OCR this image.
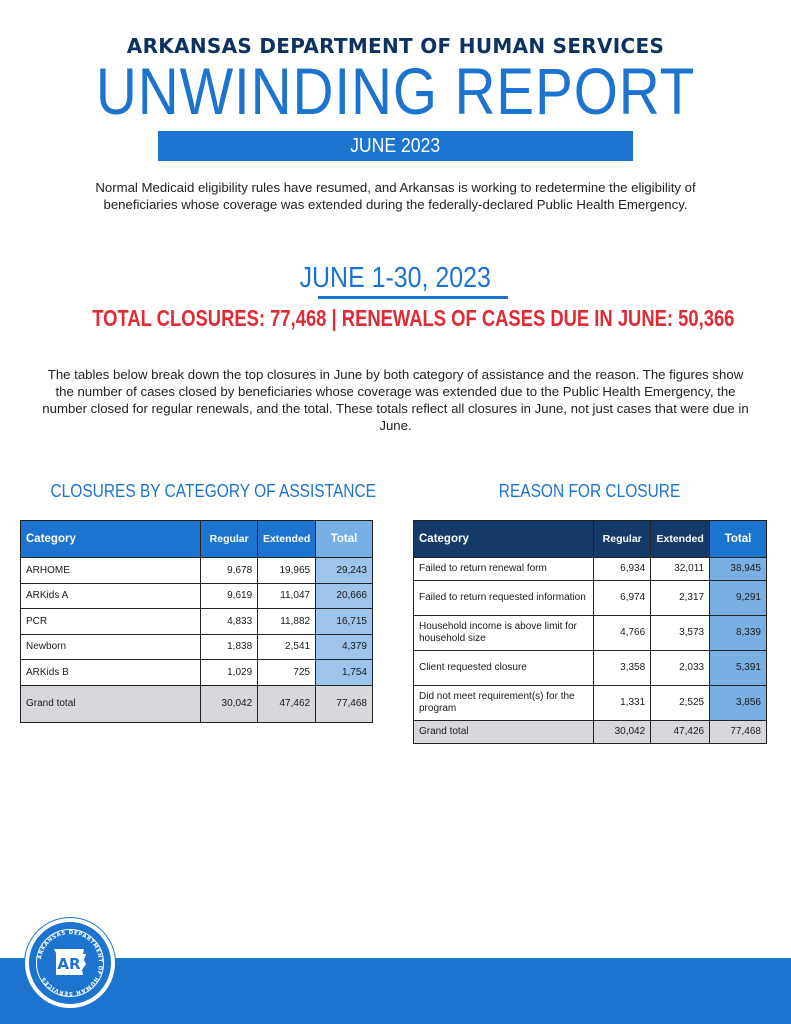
ARKANSAS DEPARTMENT OF HUMAN SERVICES
UNWINDING REPORT
JUNE 2023

Normal Medicaid eligibility rules have resumed, and Arkansas is working to redetermine the eligibility of beneficiaries whose coverage was extended during the federally-declared Public Health Emergency.

JUNE 1-30, 2023
TOTAL CLOSURES: 77,468 | RENEWALS OF CASES DUE IN JUNE: 50,366

The tables below break down the top closures in June by both category of assistance and the reason. The figures show the number of cases closed by beneficiaries whose coverage was extended due to the Public Health Emergency, the number closed for regular renewals, and the total. These totals reflect all closures in June, not just cases that were due in June.

CLOSURES BY CATEGORY OF ASSISTANCE	REASON FOR CLOSURE
Category	Regular	Extended	Total
ARHOME	9,678	19,965	29,243
ARKids A	9,619	11,047	20,666
PCR	4,833	11,882	16,715
Newborn	1,838	2,541	4,379
ARKids B	1,029	725	1,754
Grand total	30,042	47,462	77,468
Category	Regular	Extended	Total
Failed to return renewal form	6,934	32,011	38,945
Failed to return requested information	6,974	2,317	9,291
Household income is above limit for household size	4,766	3,573	8,339
Client requested closure	3,358	2,033	5,391
Did not meet requirement(s) for the program	1,331	2,525	3,856
Grand total	30,042	47,426	77,468
ARKANSAS DEPARTMENT OF HUMAN SERVICES
AR
